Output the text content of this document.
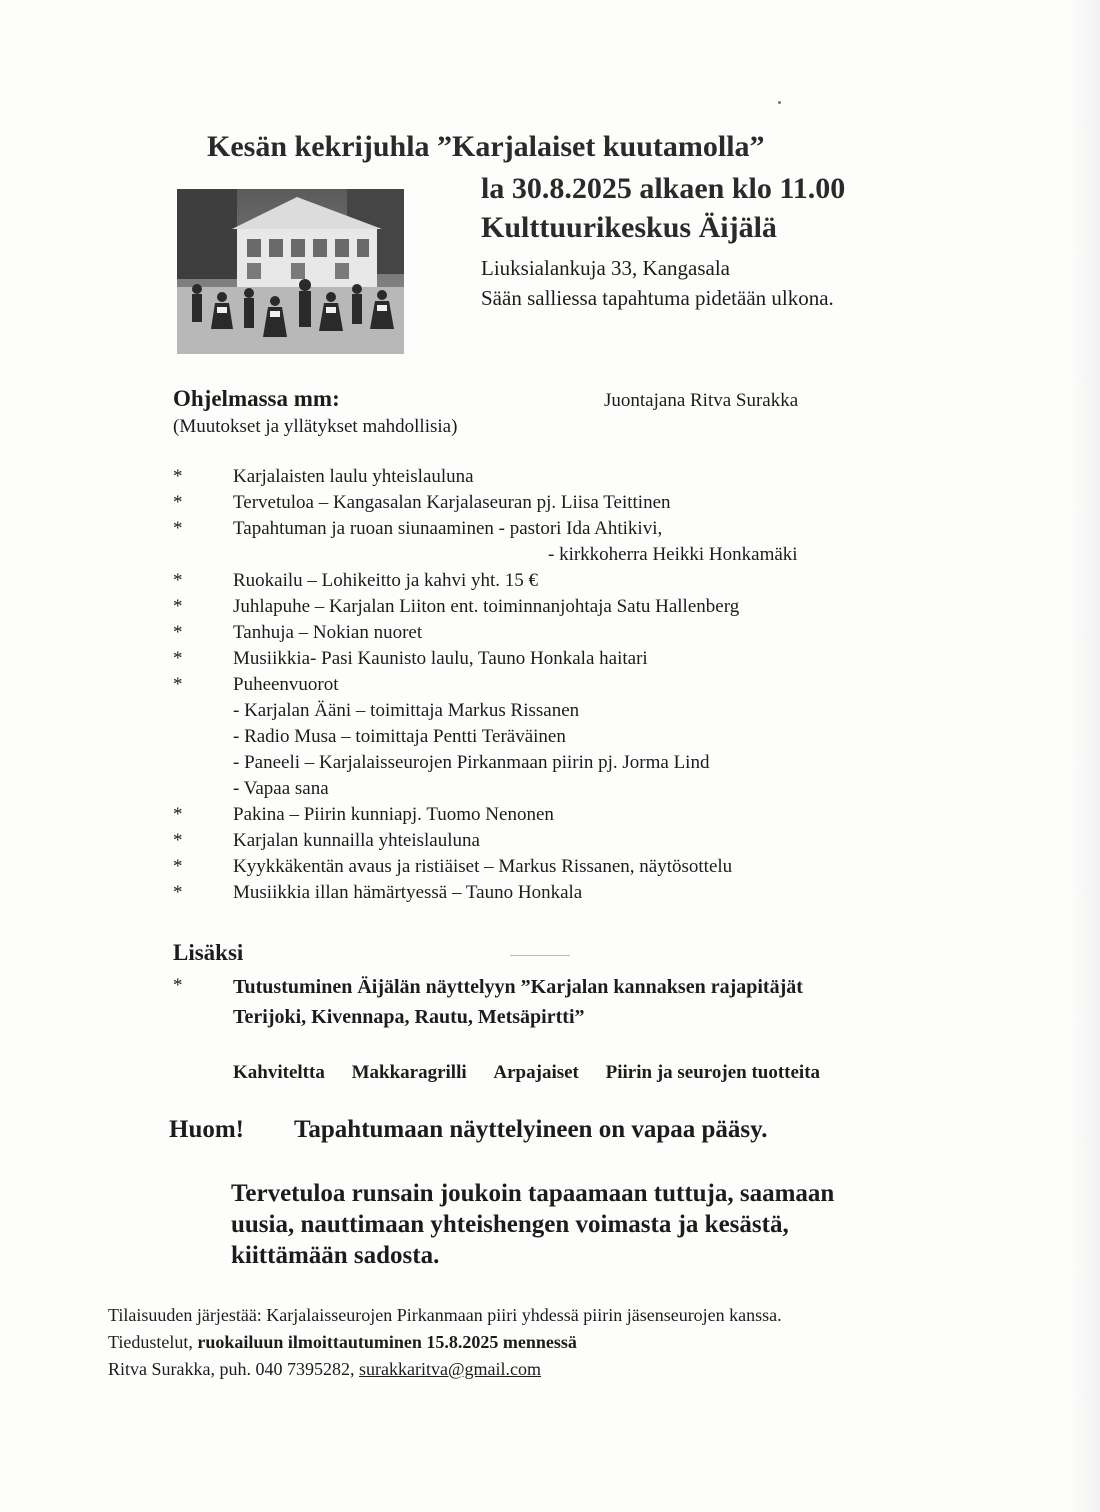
Kesän kekrijuhla ”Karjalaiset kuutamolla”
la 30.8.2025 alkaen klo 11.00
Kulttuurikeskus Äijälä
Liuksialankuja 33, Kangasala
Sään salliessa tapahtuma pidetään ulkona.
Ohjelmassa mm:
(Muutokset ja yllätykset mahdollisia)
Juontajana Ritva Surakka
*	Karjalaisten laulu yhteislauluna
*	Tervetuloa – Kangasalan Karjalaseuran pj. Liisa Teittinen
*	Tapahtuman ja ruoan siunaaminen - pastori Ida Ahtikivi,
- kirkkoherra Heikki Honkamäki
*	Ruokailu – Lohikeitto ja kahvi yht. 15 €
*	Juhlapuhe – Karjalan Liiton ent. toiminnanjohtaja Satu Hallenberg
*	Tanhuja – Nokian nuoret
*	Musiikkia- Pasi Kaunisto laulu, Tauno Honkala haitari
*	Puheenvuorot
- Karjalan Ääni – toimittaja Markus Rissanen
- Radio Musa – toimittaja Pentti Teräväinen
- Paneeli – Karjalaisseurojen Pirkanmaan piirin pj. Jorma Lind
- Vapaa sana
*	Pakina – Piirin kunniapj. Tuomo Nenonen
*	Karjalan kunnailla yhteislauluna
*	Kyykkäkentän avaus ja ristiäiset – Markus Rissanen, näytösottelu
*	Musiikkia illan hämärtyessä – Tauno Honkala
Lisäksi
*	Tutustuminen Äijälän näyttelyyn ”Karjalan kannaksen rajapitäjät
Terijoki, Kivennapa, Rautu, Metsäpirtti”
Kahviteltta Makkaragrilli Arpajaiset Piirin ja seurojen tuotteita
Huom! Tapahtumaan näyttelyineen on vapaa pääsy.
Tervetuloa runsain joukoin tapaamaan tuttuja, saamaan
uusia, nauttimaan yhteishengen voimasta ja kesästä,
kiittämään sadosta.
Tilaisuuden järjestää: Karjalaisseurojen Pirkanmaan piiri yhdessä piirin jäsenseurojen kanssa.
Tiedustelut, ruokailuun ilmoittautuminen 15.8.2025 mennessä
Ritva Surakka, puh. 040 7395282, surakkaritva@gmail.com
